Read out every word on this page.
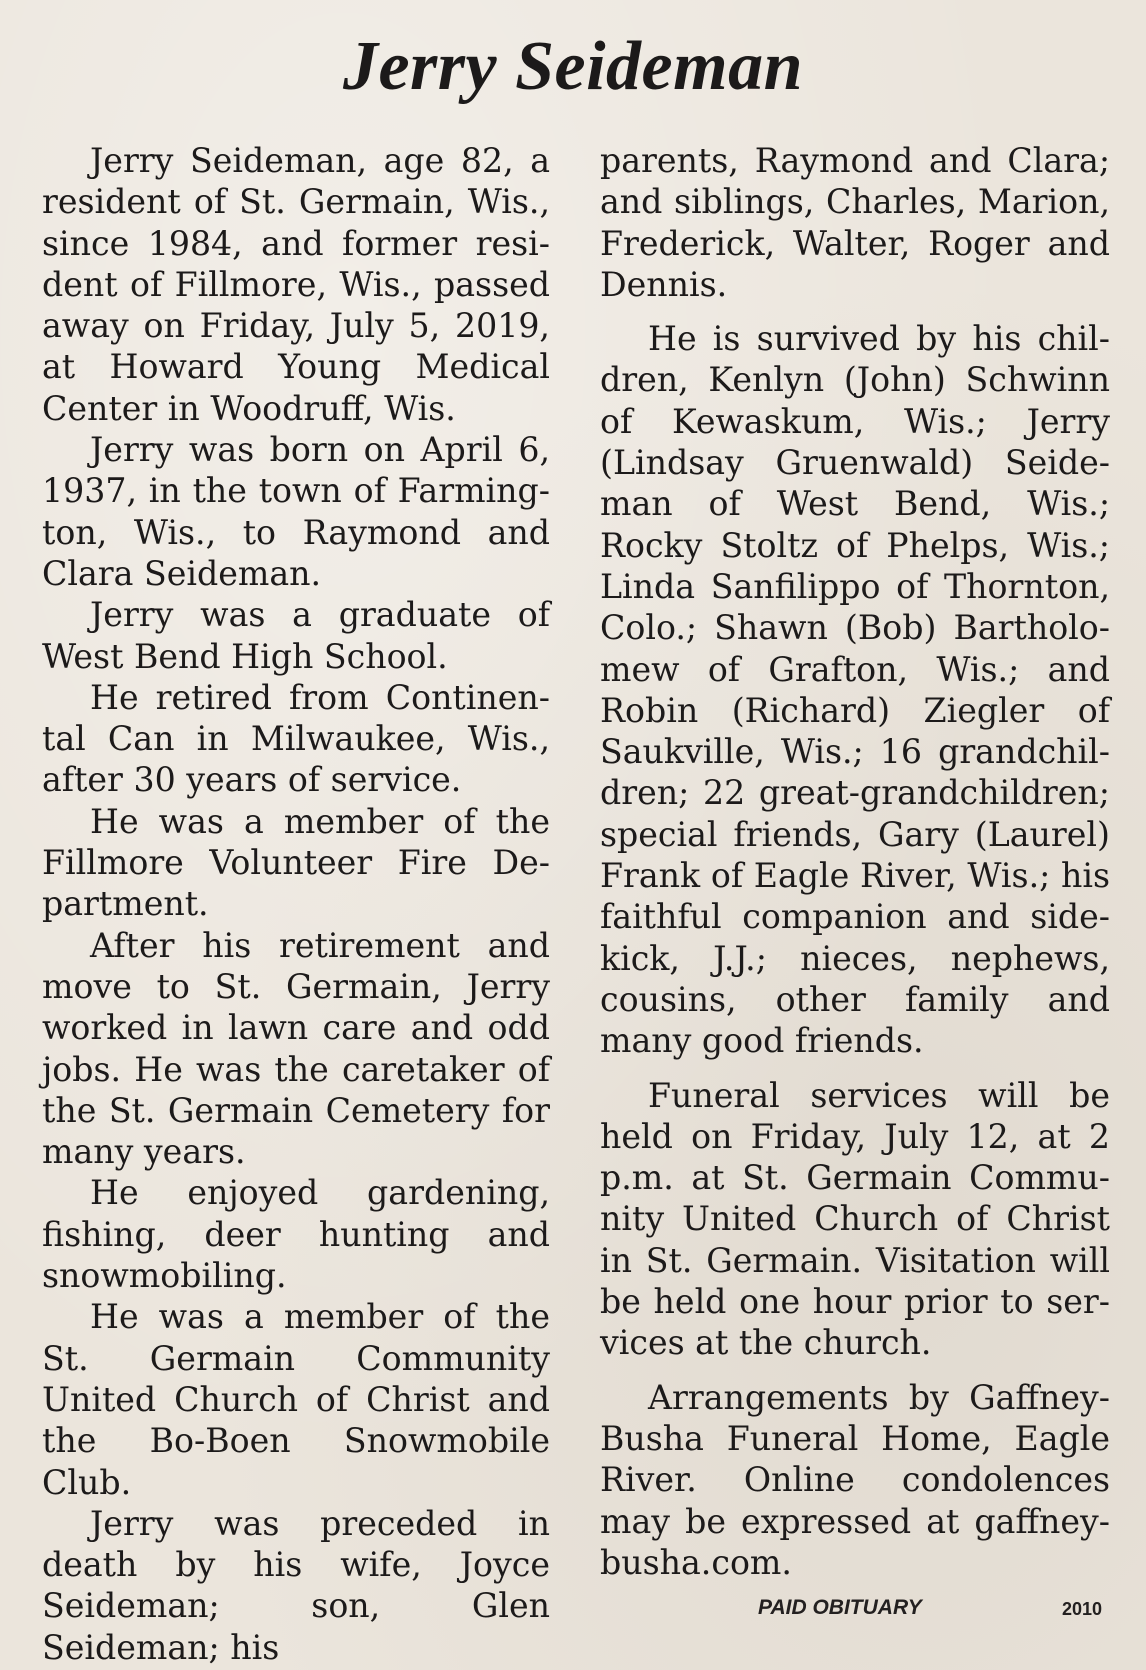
Jerry Seideman

Jerry Seideman, age 82, a resident of St. Germain, Wis., since 1984, and former resident of Fillmore, Wis., passed away on Friday, July 5, 2019, at Howard Young Medical Center in Woodruff, Wis.

Jerry was born on April 6, 1937, in the town of Farmington, Wis., to Raymond and Clara Seideman.

Jerry was a graduate of West Bend High School.

He retired from Continental Can in Milwaukee, Wis., after 30 years of service.

He was a member of the Fillmore Volunteer Fire Department.

After his retirement and move to St. Germain, Jerry worked in lawn care and odd jobs. He was the caretaker of the St. Germain Cemetery for many years.

He enjoyed gardening, fishing, deer hunting and snowmobiling.

He was a member of the St. Germain Community United Church of Christ and the Bo-Boen Snowmobile Club.

Jerry was preceded in death by his wife, Joyce Seideman; son, Glen Seideman; his

parents, Raymond and Clara; and siblings, Charles, Marion, Frederick, Walter, Roger and Dennis.

He is survived by his children, Kenlyn (John) Schwinn of Kewaskum, Wis.; Jerry (Lindsay Gruenwald) Seideman of West Bend, Wis.; Rocky Stoltz of Phelps, Wis.; Linda Sanfilippo of Thornton, Colo.; Shawn (Bob) Bartholomew of Grafton, Wis.; and Robin (Richard) Ziegler of Saukville, Wis.; 16 grandchildren; 22 great-grandchildren; special friends, Gary (Laurel) Frank of Eagle River, Wis.; his faithful companion and sidekick, J.J.; nieces, nephews, cousins, other family and many good friends.

Funeral services will be held on Friday, July 12, at 2 p.m. at St. Germain Community United Church of Christ in St. Germain. Visitation will be held one hour prior to services at the church.

Arrangements by Gaffney-Busha Funeral Home, Eagle River. Online condolences may be expressed at gaffney-busha.com.

PAID OBITUARY	2010
